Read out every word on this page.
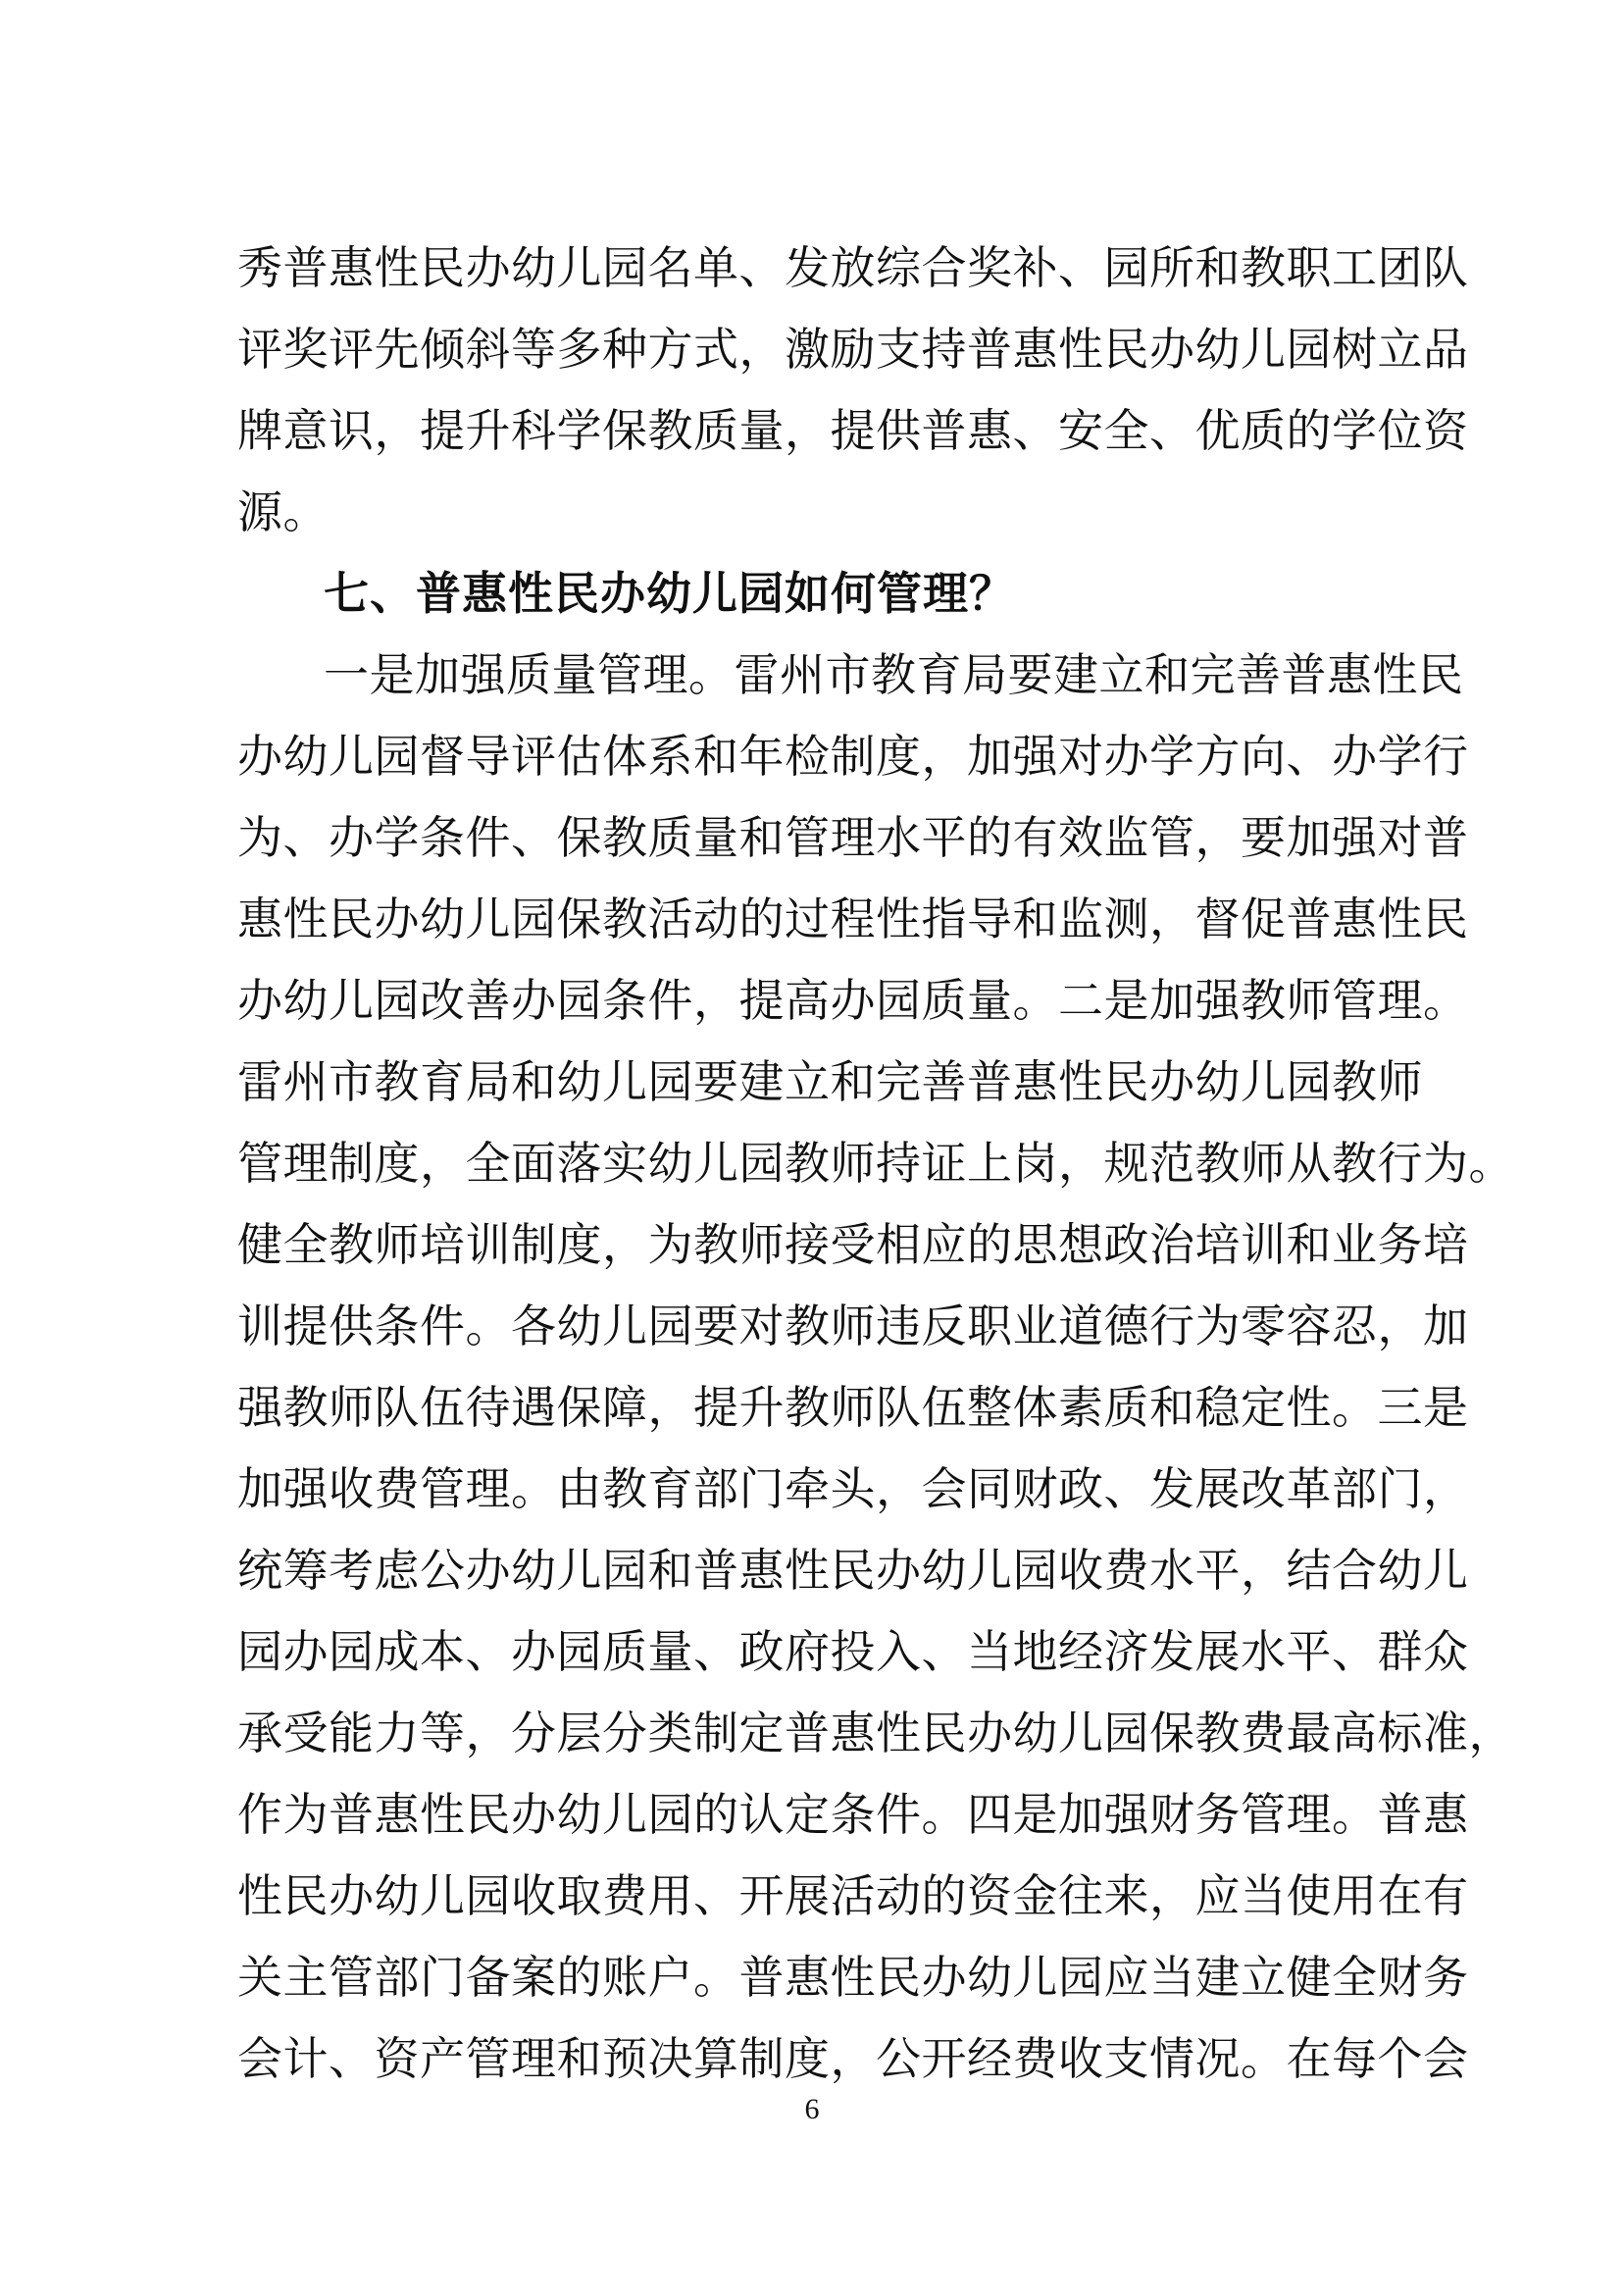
秀普惠性民办幼儿园名单、发放综合奖补、园所和教职工团队
评奖评先倾斜等多种方式，激励支持普惠性民办幼儿园树立品
牌意识，提升科学保教质量，提供普惠、安全、优质的学位资
源。
七、普惠性民办幼儿园如何管理？
一是加强质量管理。雷州市教育局要建立和完善普惠性民
办幼儿园督导评估体系和年检制度，加强对办学方向、办学行
为、办学条件、保教质量和管理水平的有效监管，要加强对普
惠性民办幼儿园保教活动的过程性指导和监测，督促普惠性民
办幼儿园改善办园条件，提高办园质量。二是加强教师管理。
雷州市教育局和幼儿园要建立和完善普惠性民办幼儿园教师
管理制度，全面落实幼儿园教师持证上岗，规范教师从教行为。
健全教师培训制度，为教师接受相应的思想政治培训和业务培
训提供条件。各幼儿园要对教师违反职业道德行为零容忍，加
强教师队伍待遇保障，提升教师队伍整体素质和稳定性。三是
加强收费管理。由教育部门牵头，会同财政、发展改革部门，
统筹考虑公办幼儿园和普惠性民办幼儿园收费水平，结合幼儿
园办园成本、办园质量、政府投入、当地经济发展水平、群众
承受能力等，分层分类制定普惠性民办幼儿园保教费最高标准，
作为普惠性民办幼儿园的认定条件。四是加强财务管理。普惠
性民办幼儿园收取费用、开展活动的资金往来，应当使用在有
关主管部门备案的账户。普惠性民办幼儿园应当建立健全财务
会计、资产管理和预决算制度，公开经费收支情况。在每个会
6
